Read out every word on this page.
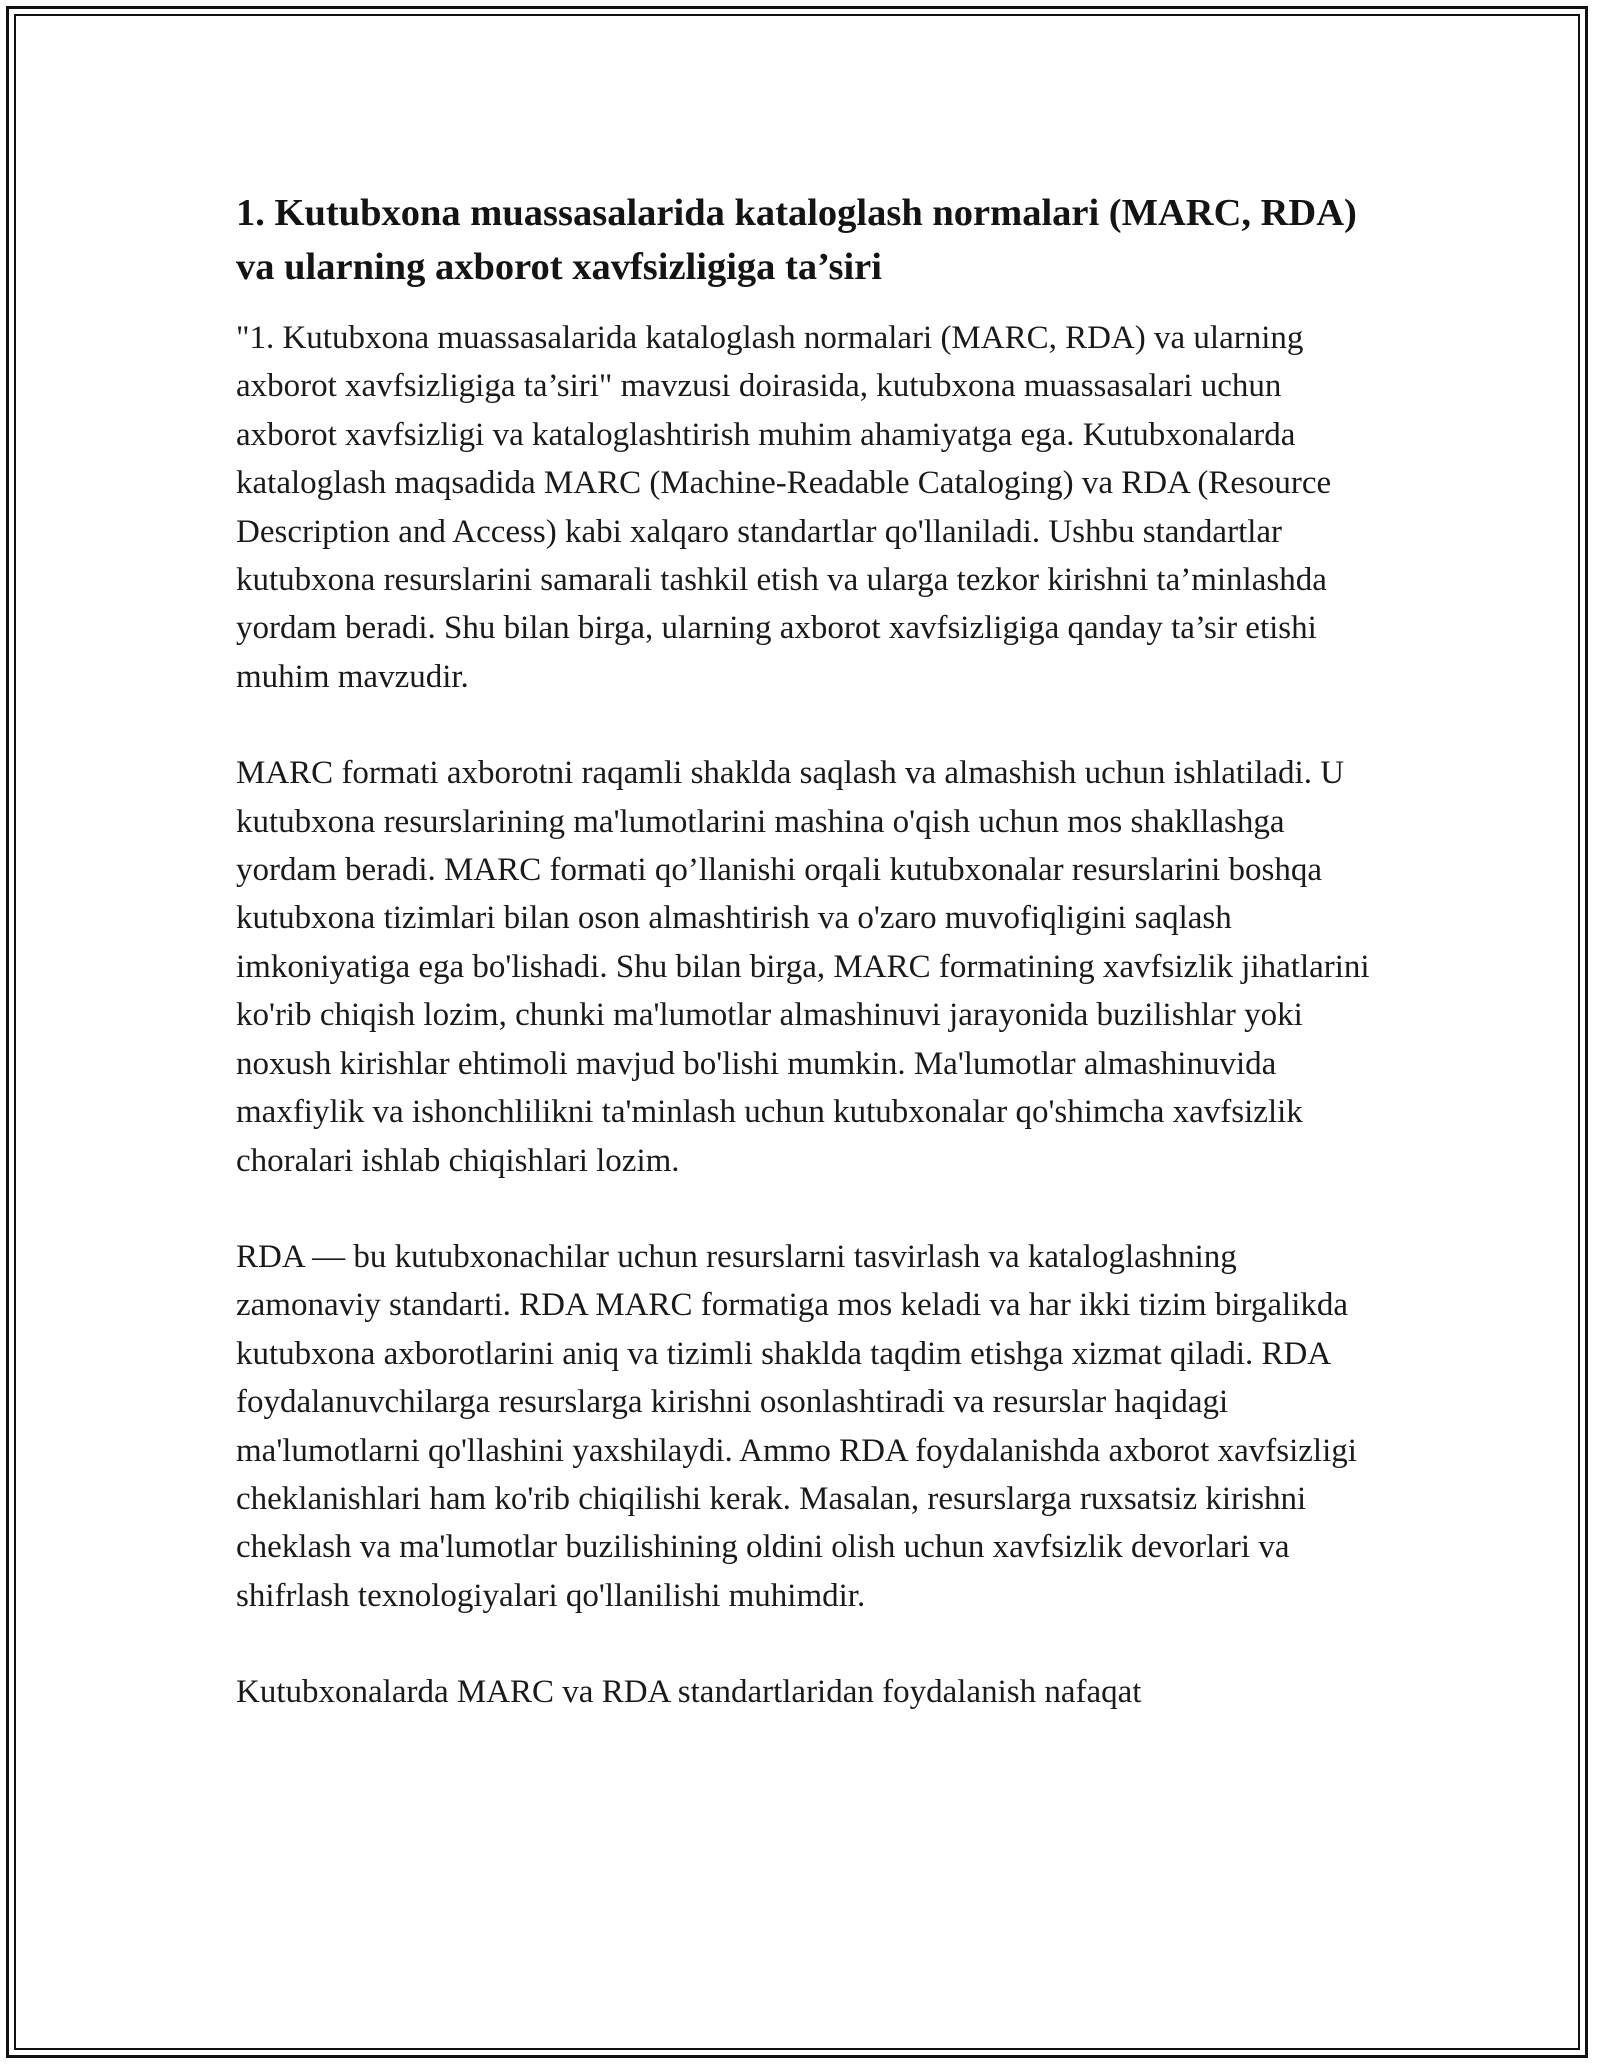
1. Kutubxona muassasalarida kataloglash normalari (MARC, RDA) va ularning axborot xavfsizligiga ta’siri

"1. Kutubxona muassasalarida kataloglash normalari (MARC, RDA) va ularning axborot xavfsizligiga ta’siri" mavzusi doirasida, kutubxona muassasalari uchun axborot xavfsizligi va kataloglashtirish muhim ahamiyatga ega. Kutubxonalarda kataloglash maqsadida MARC (Machine-Readable Cataloging) va RDA (Resource Description and Access) kabi xalqaro standartlar qo'llaniladi. Ushbu standartlar kutubxona resurslarini samarali tashkil etish va ularga tezkor kirishni ta’minlashda yordam beradi. Shu bilan birga, ularning axborot xavfsizligiga qanday ta’sir etishi muhim mavzudir.

MARC formati axborotni raqamli shaklda saqlash va almashish uchun ishlatiladi. U kutubxona resurslarining ma'lumotlarini mashina o'qish uchun mos shakllashga yordam beradi. MARC formati qo’llanishi orqali kutubxonalar resurslarini boshqa kutubxona tizimlari bilan oson almashtirish va o'zaro muvofiqligini saqlash imkoniyatiga ega bo'lishadi. Shu bilan birga, MARC formatining xavfsizlik jihatlarini ko'rib chiqish lozim, chunki ma'lumotlar almashinuvi jarayonida buzilishlar yoki noxush kirishlar ehtimoli mavjud bo'lishi mumkin. Ma'lumotlar almashinuvida maxfiylik va ishonchlilikni ta'minlash uchun kutubxonalar qo'shimcha xavfsizlik choralari ishlab chiqishlari lozim.

RDA — bu kutubxonachilar uchun resurslarni tasvirlash va kataloglashning zamonaviy standarti. RDA MARC formatiga mos keladi va har ikki tizim birgalikda kutubxona axborotlarini aniq va tizimli shaklda taqdim etishga xizmat qiladi. RDA foydalanuvchilarga resurslarga kirishni osonlashtiradi va resurslar haqidagi ma'lumotlarni qo'llashini yaxshilaydi. Ammo RDA foydalanishda axborot xavfsizligi cheklanishlari ham ko'rib chiqilishi kerak. Masalan, resurslarga ruxsatsiz kirishni cheklash va ma'lumotlar buzilishining oldini olish uchun xavfsizlik devorlari va shifrlash texnologiyalari qo'llanilishi muhimdir.

Kutubxonalarda MARC va RDA standartlaridan foydalanish nafaqat
